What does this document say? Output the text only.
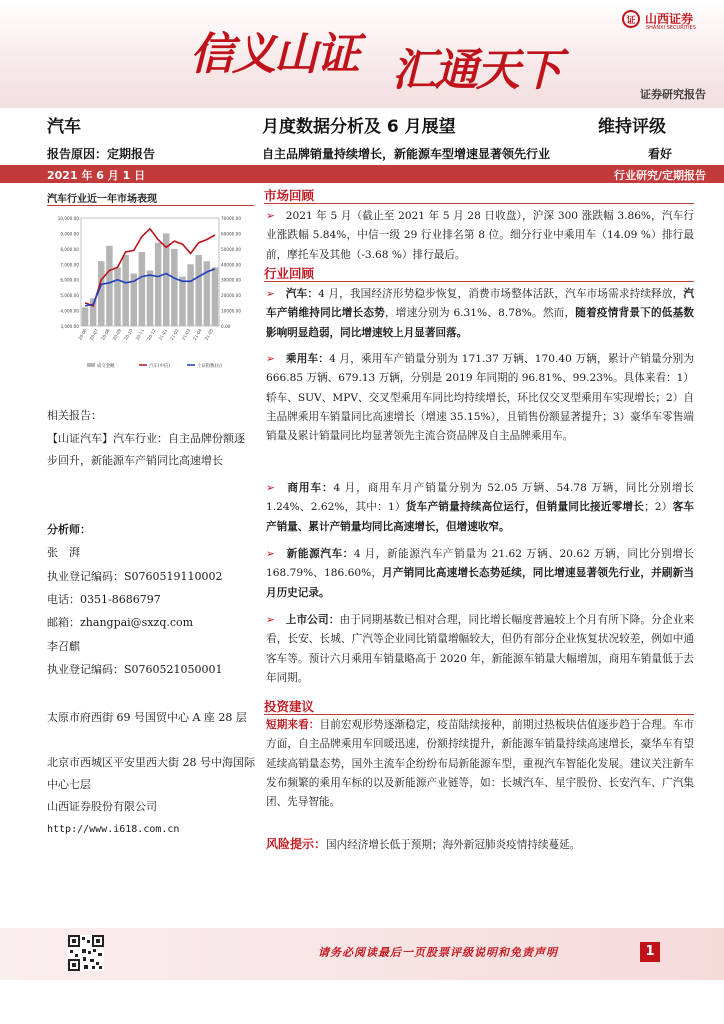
信义山证 汇通天下
证 山西证券
SHANXI SECURITIES
证券研究报告
汽车	月度数据分析及 6 月展望	维持评级
报告原因：定期报告	自主品牌销量持续增长，新能源车型增速显著领先行业	看好
2021 年 6 月 1 日	行业研究/定期报告
汽车行业近一年市场表现
3,000.00
4,000.00
5,000.00
6,000.00
7,000.00
8,000.00
9,000.00
10,000.00
0.00
10000.00
20000.00
30000.00
40000.00
50000.00
60000.00
70000.00
20-06 20-07 20-08 20-09 20-10 20-11 20-12 21-01 21-02 21-03 21-04 21-05
成交金额	汽车(中信)	上证指数(右)
相关报告：
【山证汽车】汽车行业：自主品牌份额逐步回升，新能源车产销同比高速增长
分析师：
张　湃
执业登记编码：S0760519110002
电话：0351-8686797
邮箱：zhangpai@sxzq.com
李召麒
执业登记编码：S0760521050001
太原市府西街 69 号国贸中心 A 座 28 层
北京市西城区平安里西大街 28 号中海国际中心七层
山西证券股份有限公司
http://www.i618.com.cn
市场回顾
➢　 2021 年 5 月（截止至 2021 年 5 月 28 日收盘），沪深 300 涨跌幅 3.86%，汽车行业涨跌幅 5.84%，中信一级 29 行业排名第 8 位。细分行业中乘用车（14.09 %）排行最前，摩托车及其他（-3.68 %）排行最后。
行业回顾
➢　 汽车：4 月，我国经济形势稳步恢复，消费市场整体活跃，汽车市场需求持续释放，汽车产销维持同比增长态势，增速分别为 6.31%、8.78%。然而，随着疫情背景下的低基数影响明显趋弱，同比增速较上月显著回落。
➢　 乘用车：4 月，乘用车产销量分别为 171.37 万辆、170.40 万辆，累计产销量分别为 666.85 万辆、679.13 万辆，分别是 2019 年同期的 96.81%、99.23%。具体来看：1）轿车、SUV、MPV、交叉型乘用车同比均持续增长，环比仅交叉型乘用车实现增长；2）自主品牌乘用车销量同比高速增长（增速 35.15%），且销售份额显著提升；3）豪华车零售端销量及累计销量同比均显著领先主流合资品牌及自主品牌乘用车。
➢　 商用车：4 月，商用车月产销量分别为 52.05 万辆、54.78 万辆，同比分别增长 1.24%、2.62%，其中：1）货车产销量持续高位运行，但销量同比接近零增长；2）客车产销量、累计产销量均同比高速增长，但增速收窄。
➢　 新能源汽车：4 月，新能源汽车产销量为 21.62 万辆、20.62 万辆，同比分别增长 168.79%、186.60%，月产销同比高速增长态势延续，同比增速显著领先行业，并刷新当月历史记录。
➢　 上市公司：由于同期基数已相对合理，同比增长幅度普遍较上个月有所下降。分企业来看，长安、长城、广汽等企业同比销量增幅较大，但仍有部分企业恢复状况较差，例如中通客车等。预计六月乘用车销量略高于 2020 年，新能源车销量大幅增加，商用车销量低于去年同期。
投资建议
短期来看：目前宏观形势逐渐稳定，疫苗陆续接种，前期过热板块估值逐步趋于合理。车市方面，自主品牌乘用车回暖迅速，份额持续提升，新能源车销量持续高速增长，豪华车有望延续高销量态势，国外主流车企纷纷布局新能源车型，重视汽车智能化发展。建议关注新车发布频繁的乘用车标的以及新能源产业链等，如：长城汽车、星宇股份、长安汽车、广汽集团、先导智能。
风险提示：国内经济增长低于预期；海外新冠肺炎疫情持续蔓延。
请务必阅读最后一页股票评级说明和免责声明	1
